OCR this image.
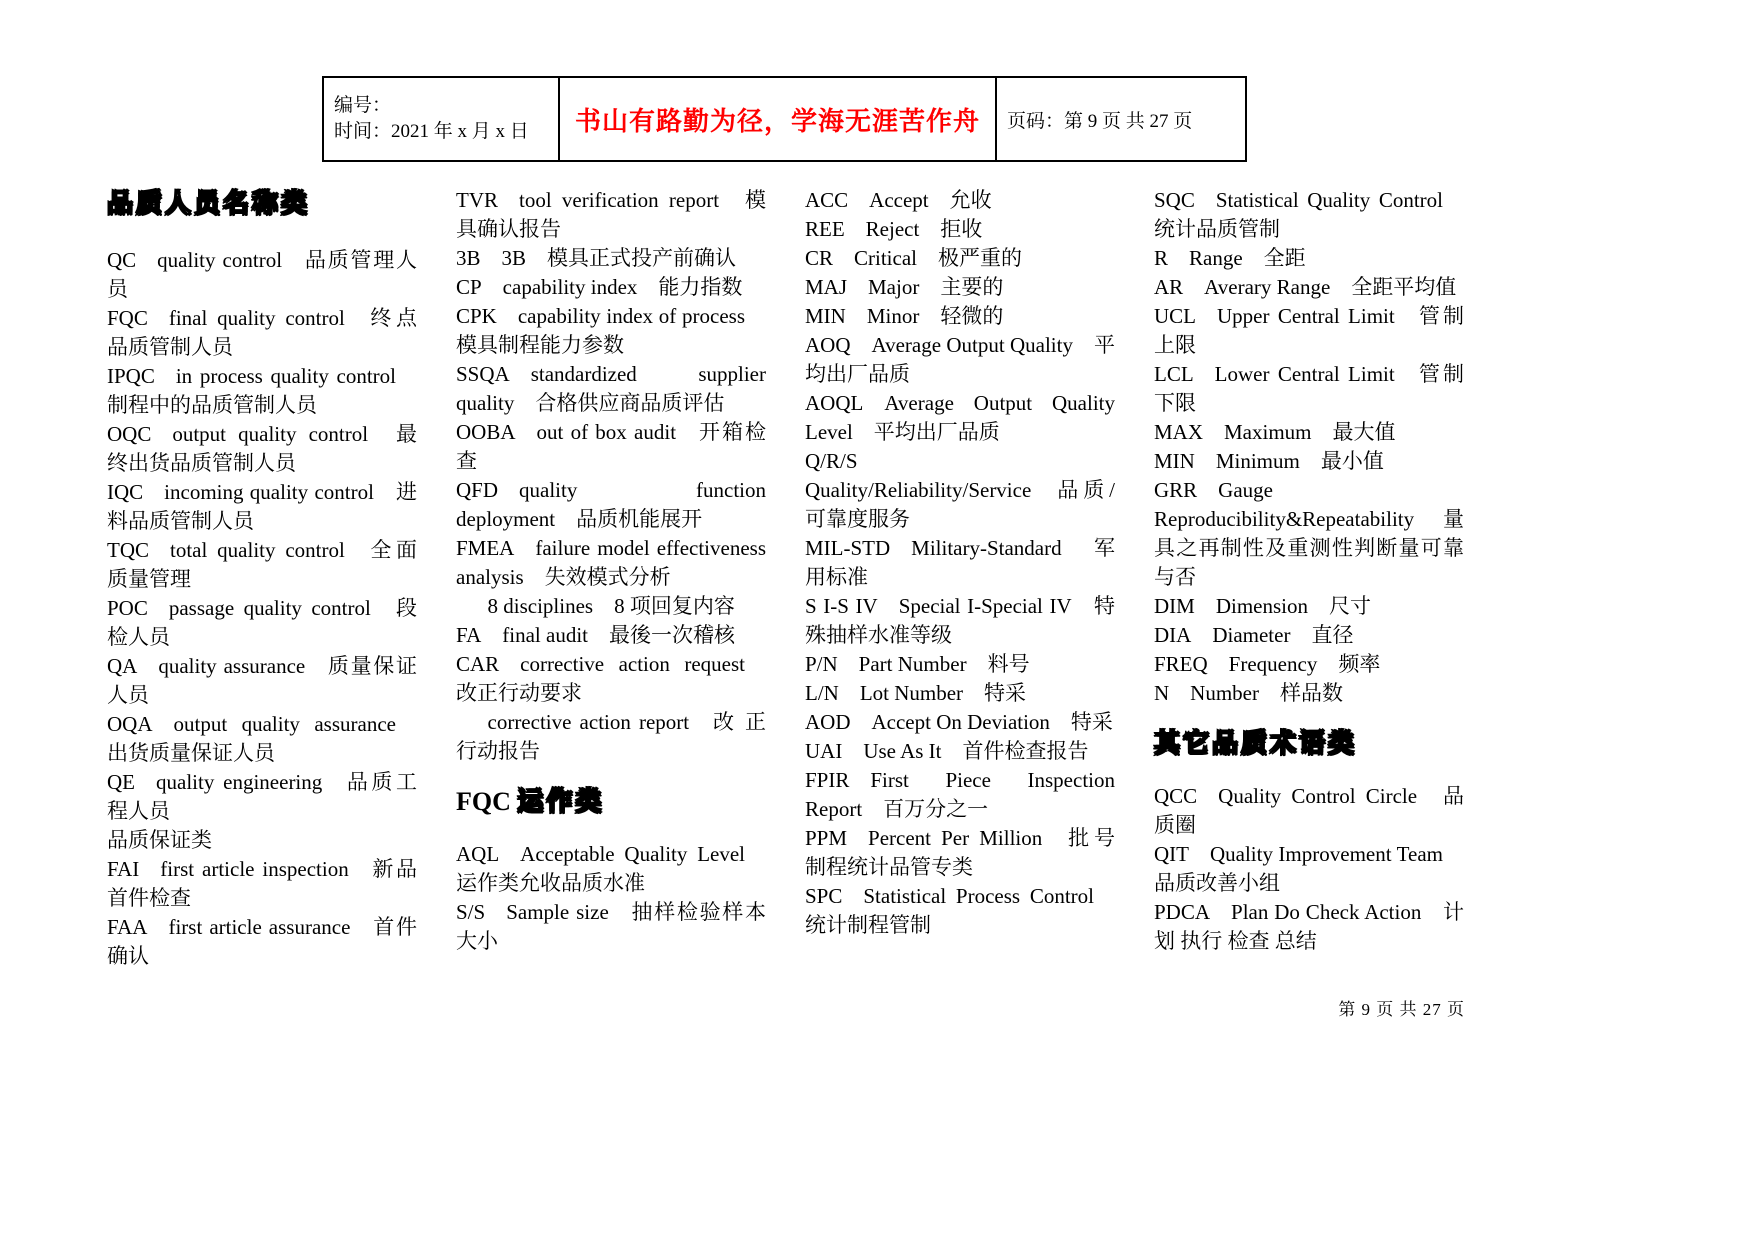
编号：
时间：2021 年 x 月 x 日	书山有路勤为径，学海无涯苦作舟	页码：第 9 页 共 27 页
品质人员名称类

QC quality control 品质管理人员

FQC final quality control 终点品质管制人员

IPQC in process quality control 制程中的品质管制人员

OQC output quality control 最终出货品质管制人员

IQC incoming quality control 进料品质管制人员

TQC total quality control 全面质量管理

POC passage quality control 段检人员

QA quality assurance 质量保证人员

OQA output quality assurance 出货质量保证人员

QE quality engineering 品质工程人员

品质保证类

FAI first article inspection 新品首件检查

FAA first article assurance 首件确认

TVR tool verification report 模具确认报告

3B 3B 模具正式投产前确认

CP capability index 能力指数

CPK capability index of process 模具制程能力参数

SSQA standardized supplier quality 合格供应商品质评估

OOBA out of box audit 开箱检查

QFD quality function deployment 品质机能展开

FMEA failure model effectiveness analysis 失效模式分析

8 disciplines 8 项回复内容

FA final audit 最後一次稽核

CAR corrective action request 改正行动要求

corrective action report 改 正 行动报告

FQC 运作类

AQL Acceptable Quality Level 运作类允收品质水准

S/S Sample size 抽样检验样本大小

ACC Accept 允收

REE Reject 拒收

CR Critical 极严重的

MAJ Major 主要的

MIN Minor 轻微的

AOQ Average Output Quality 平均出厂品质

AOQL Average Output Quality Level 平均出厂品质

Q/R/S Quality/Reliability/Service 品质/可靠度服务

MIL-STD Military-Standard 军用标准

S I-S IV Special I-Special IV 特殊抽样水准等级

P/N Part Number 料号

L/N Lot Number 特采

AOD Accept On Deviation 特采

UAI Use As It 首件检查报告

FPIR First Piece Inspection Report 百万分之一

PPM Percent Per Million 批号制程统计品管专类

SPC Statistical Process Control 统计制程管制

SQC Statistical Quality Control 统计品质管制

R Range 全距

AR Averary Range 全距平均值

UCL Upper Central Limit 管制上限

LCL Lower Central Limit 管制下限

MAX Maximum 最大值

MIN Minimum 最小值

GRR Gauge Reproducibility&Repeatability 量具之再制性及重测性判断量可靠与否

DIM Dimension 尺寸

DIA Diameter 直径

FREQ Frequency 频率

N Number 样品数

其它品质术语类

QCC Quality Control Circle 品质圈

QIT Quality Improvement Team 品质改善小组

PDCA Plan Do Check Action 计划 执行 检查 总结

第 9 页 共 27 页
